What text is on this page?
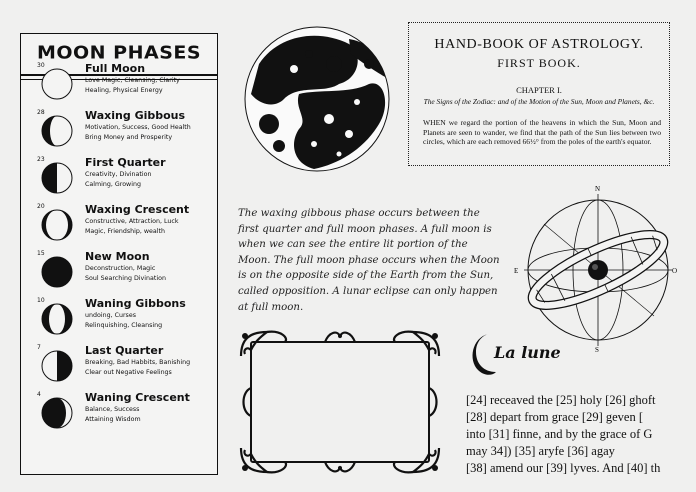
MOON PHASES
30	Full Moon
Love Magic, Cleansing, Clarity
Healing, Physical Energy
28	Waxing Gibbous
Motivation, Success, Good Health
Bring Money and Prosperity
23	First Quarter
Creativity, Divination
Calming, Growing
20	Waxing Crescent
Constructive, Attraction, Luck
Magic, Friendship, wealth
15	New Moon
Deconstruction, Magic
Soul Searching Divination
10	Waning Gibbons
undoing, Curses
Relinquishing, Cleansing
7	Last Quarter
Breaking, Bad Habbits, Banishing
Clear out Negative Feelings
4	Waning Crescent
Balance, Success
Attaining Wisdom
HAND-BOOK OF ASTROLOGY.
FIRST BOOK.
CHAPTER I.
The Signs of the Zodiac: and of the Motion of the Sun, Moon and Planets, &c.
WHEN we regard the portion of the heavens in which the Sun, Moon and Planets are seen to wander, we find that the path of the Sun lies between two circles, which are each removed 66½° from the poles of the earth's equator.
The waxing gibbous phase occurs between the first quarter and full moon phases. A full moon is when we can see the entire lit portion of the Moon. The full moon phase occurs when the Moon is on the opposite side of the Earth from the Sun, called opposition. A lunar eclipse can only happen at full moon.
N
S
E	O
La lune
[24] receaved the [25] holy [26] ghoft
[28] depart from grace [29] geven [
into [31] finne, and by the grace of G
may 34]) [35] aryfe [36] agay
[38] amend our [39] lyves. And [40] th
